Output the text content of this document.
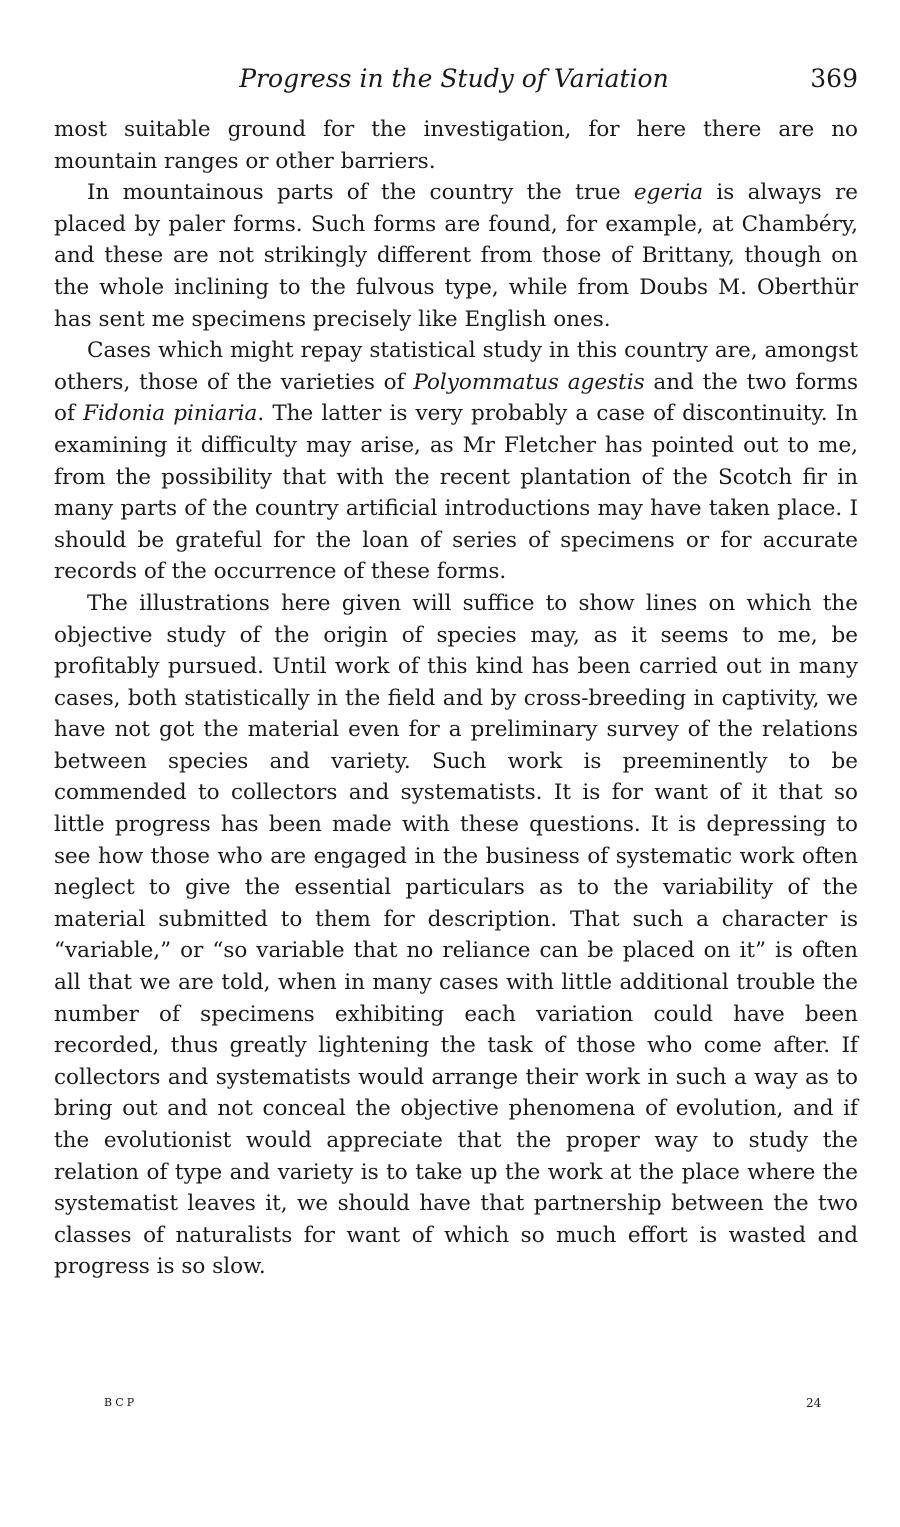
Progress in the Study of Variation	369

most suitable ground for the investigation, for here there are no mountain ranges or other barriers.

In mountainous parts of the country the true egeria is always re placed by paler forms. Such forms are found, for example, at Chambéry, and these are not strikingly different from those of Brittany, though on the whole inclining to the fulvous type, while from Doubs M. Oberthür has sent me specimens precisely like English ones.

Cases which might repay statistical study in this country are, amongst others, those of the varieties of Polyommatus agestis and the two forms of Fidonia piniaria. The latter is very probably a case of discontinuity. In examining it difficulty may arise, as Mr Fletcher has pointed out to me, from the possibility that with the recent plantation of the Scotch fir in many parts of the country artificial introductions may have taken place. I should be grateful for the loan of series of specimens or for accurate records of the occurrence of these forms.

The illustrations here given will suffice to show lines on which the objective study of the origin of species may, as it seems to me, be profitably pursued. Until work of this kind has been carried out in many cases, both statistically in the field and by cross-breeding in captivity, we have not got the material even for a preliminary survey of the relations between species and variety. Such work is preeminently to be commended to collectors and systematists. It is for want of it that so little progress has been made with these questions. It is depressing to see how those who are engaged in the business of systematic work often neglect to give the essential particulars as to the variability of the material submitted to them for description. That such a character is “variable,” or “so variable that no reliance can be placed on it” is often all that we are told, when in many cases with little additional trouble the number of specimens exhibiting each variation could have been recorded, thus greatly lightening the task of those who come after. If collectors and systematists would arrange their work in such a way as to bring out and not conceal the objective phenomena of evolution, and if the evolutionist would appreciate that the proper way to study the relation of type and variety is to take up the work at the place where the systematist leaves it, we should have that partnership between the two classes of naturalists for want of which so much effort is wasted and progress is so slow.

BCP	24
